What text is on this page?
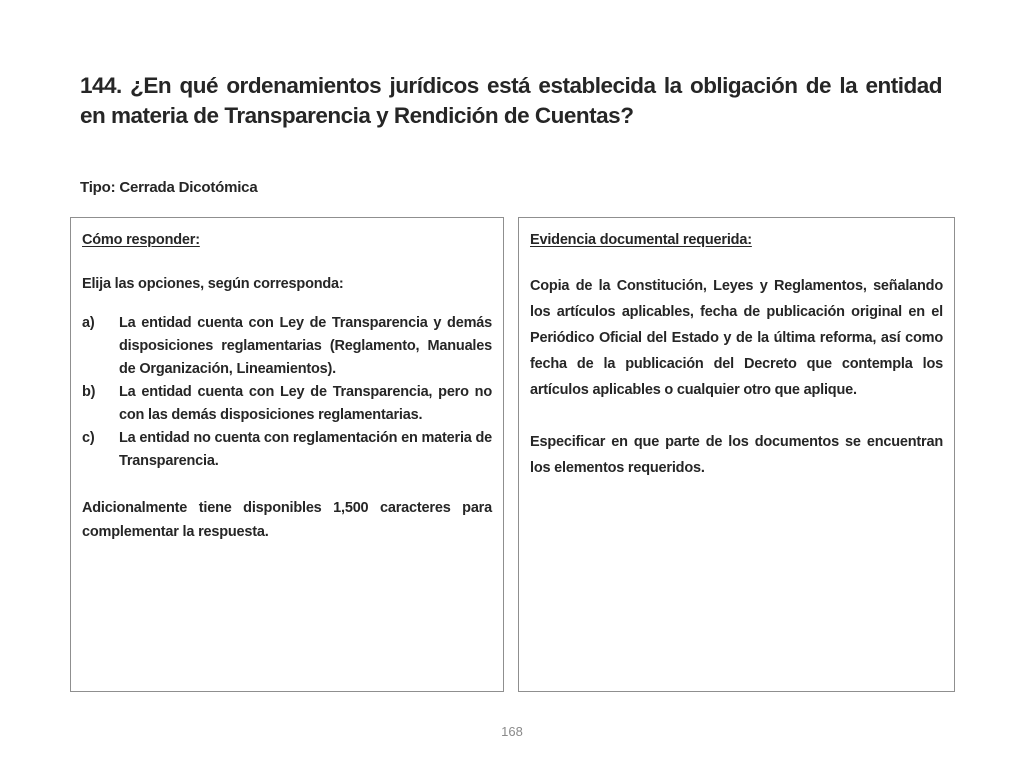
144. ¿En qué ordenamientos jurídicos está establecida la obligación de la entidad en materia de Transparencia y Rendición de Cuentas?
Tipo: Cerrada Dicotómica
Cómo responder:

Elija las opciones, según corresponda:

a)	La entidad cuenta con Ley de Transparencia y demás disposiciones reglamentarias (Reglamento, Manuales de Organización, Lineamientos).
b)	La entidad cuenta con Ley de Transparencia, pero no con las demás disposiciones reglamentarias.
c)	La entidad no cuenta con reglamentación en materia de Transparencia.

Adicionalmente tiene disponibles 1,500 caracteres para complementar la respuesta.

Evidencia documental requerida:

Copia de la Constitución, Leyes y Reglamentos, señalando los artículos aplicables, fecha de publicación original en el Periódico Oficial del Estado y de la última reforma, así como fecha de la publicación del Decreto que contempla los artículos aplicables o cualquier otro que aplique.

Especificar en que parte de los documentos se encuentran los elementos requeridos.

168
